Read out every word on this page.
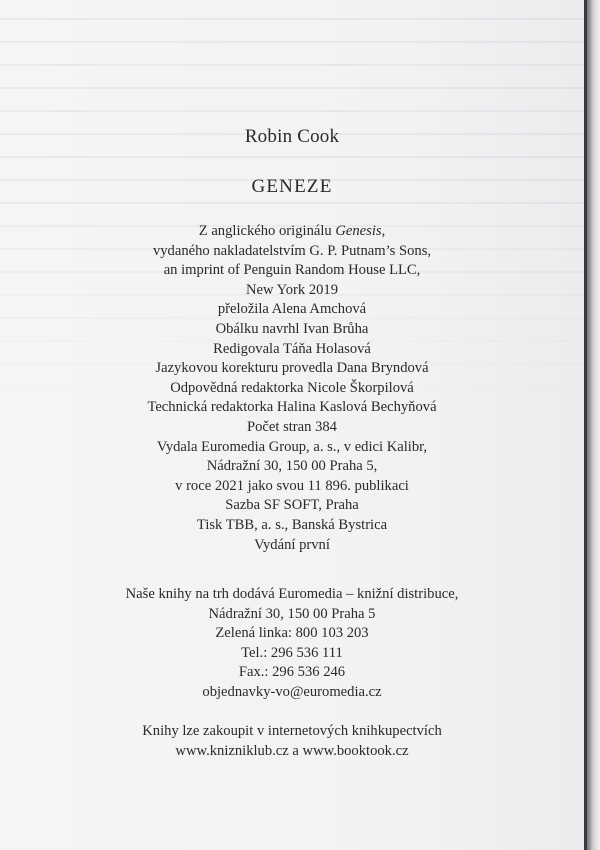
Robin Cook

GENEZE
Z anglického originálu Genesis,
vydaného nakladatelstvím G. P. Putnam’s Sons,
an imprint of Penguin Random House LLC,
New York 2019
přeložila Alena Amchová
Obálku navrhl Ivan Brůha
Redigovala Táňa Holasová
Jazykovou korekturu provedla Dana Bryndová
Odpovědná redaktorka Nicole Škorpilová
Technická redaktorka Halina Kaslová Bechyňová
Počet stran 384
Vydala Euromedia Group, a. s., v edici Kalibr,
Nádražní 30, 150 00 Praha 5,
v roce 2021 jako svou 11 896. publikaci
Sazba SF SOFT, Praha
Tisk TBB, a. s., Banská Bystrica
Vydání první
Naše knihy na trh dodává Euromedia – knižní distribuce,
Nádražní 30, 150 00 Praha 5
Zelená linka: 800 103 203
Tel.: 296 536 111
Fax.: 296 536 246
objednavky-vo@euromedia.cz
Knihy lze zakoupit v internetových knihkupectvích
www.knizniklub.cz a www.booktook.cz
